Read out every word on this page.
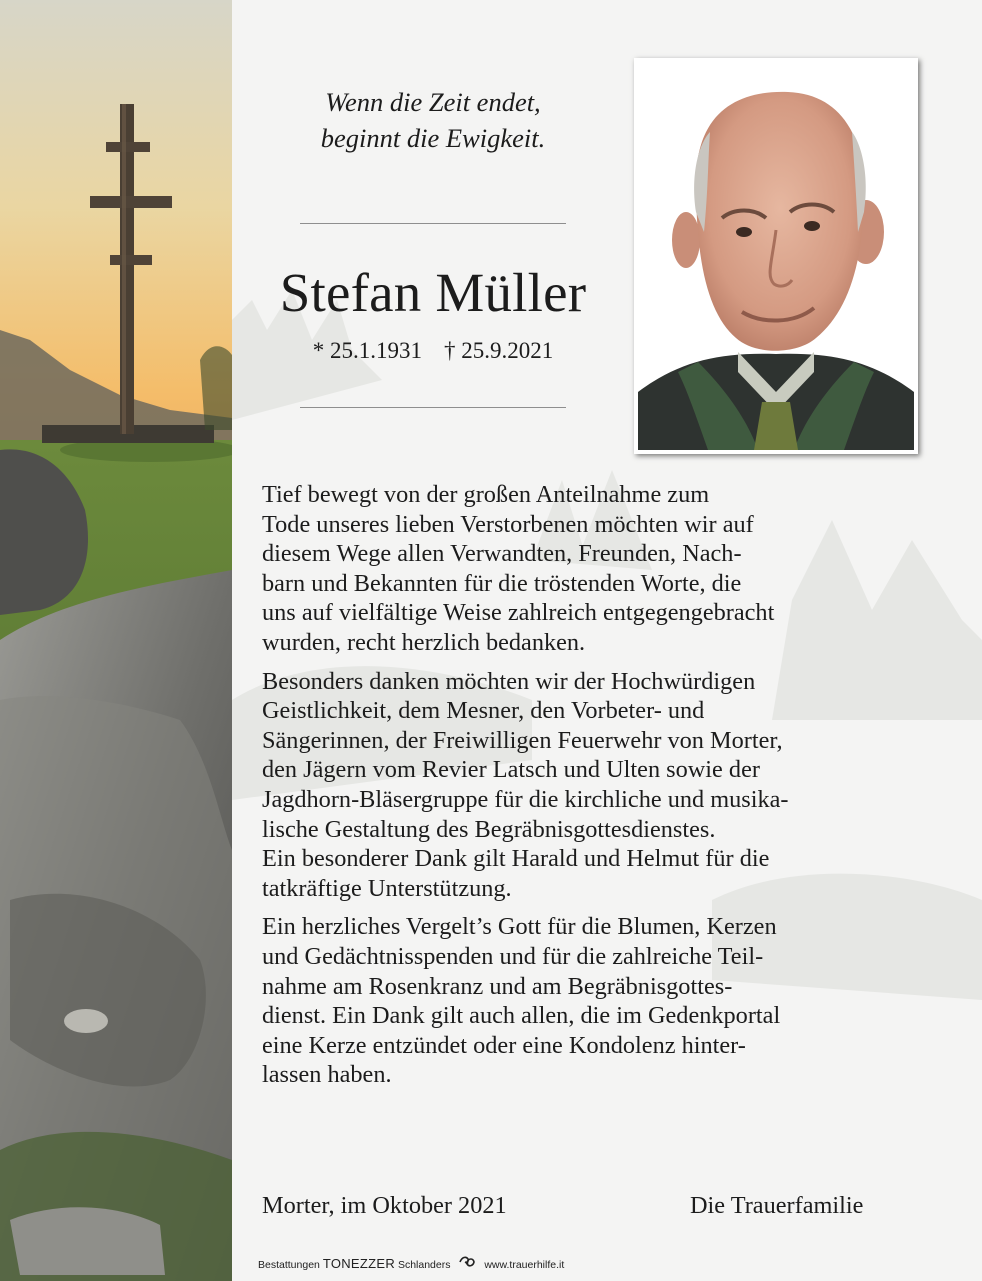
Wenn die Zeit endet,
beginnt die Ewigkeit.
Stefan Müller
* 25.1.1931 † 25.9.2021

Tief bewegt von der großen Anteilnahme zum
Tode unseres lieben Verstorbenen möchten wir auf
diesem Wege allen Verwandten, Freunden, Nach-
barn und Bekannten für die tröstenden Worte, die
uns auf vielfältige Weise zahlreich entgegengebracht
wurden, recht herzlich bedanken.

Besonders danken möchten wir der Hochwürdigen
Geistlichkeit, dem Mesner, den Vorbeter- und
Sängerinnen, der Freiwilligen Feuerwehr von Morter,
den Jägern vom Revier Latsch und Ulten sowie der
Jagdhorn-Bläsergruppe für die kirchliche und musika-
lische Gestaltung des Begräbnisgottesdienstes.
Ein besonderer Dank gilt Harald und Helmut für die
tatkräftige Unterstützung.

Ein herzliches Vergelt’s Gott für die Blumen, Kerzen
und Gedächtnisspenden und für die zahlreiche Teil-
nahme am Rosenkranz und am Begräbnisgottes-
dienst. Ein Dank gilt auch allen, die im Gedenkportal
eine Kerze entzündet oder eine Kondolenz hinter-
lassen haben.

Morter, im Oktober 2021	Die Trauerfamilie
Bestattungen TONEZZER Schlanders	www.trauerhilfe.it
